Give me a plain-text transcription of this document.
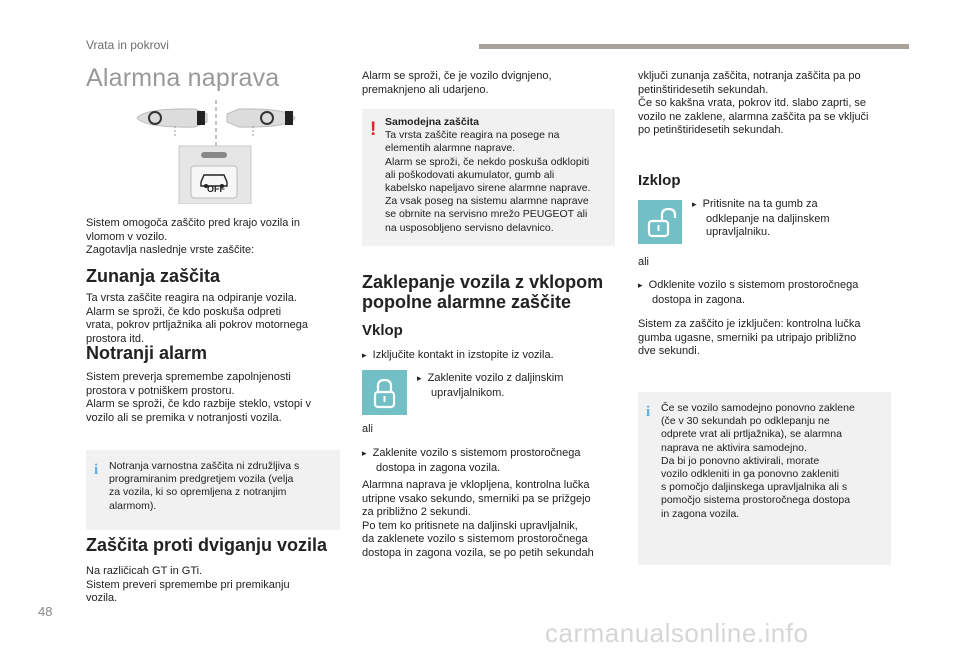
Vrata in pokrovi
Alarmna naprava
OFF
Sistem omogoča zaščito pred krajo vozila in
vlomom v vozilo.
Zagotavlja naslednje vrste zaščite:
Zunanja zaščita
Ta vrsta zaščite reagira na odpiranje vozila.
Alarm se sproži, če kdo poskuša odpreti
vrata, pokrov prtljažnika ali pokrov motornega
prostora itd.
Notranji alarm
Sistem preverja spremembe zapolnjenosti
prostora v potniškem prostoru.
Alarm se sproži, če kdo razbije steklo, vstopi v
vozilo ali se premika v notranjosti vozila.
i Notranja varnostna zaščita ni združljiva s
programiranim predgretjem vozila (velja
za vozila, ki so opremljena z notranjim
alarmom).
Zaščita proti dviganju vozila
Na različicah GT in GTi.
Sistem preveri spremembe pri premikanju
vozila.
Alarm se sproži, če je vozilo dvignjeno,
premaknjeno ali udarjeno.
! Samodejna zaščita
Ta vrsta zaščite reagira na posege na
elementih alarmne naprave.
Alarm se sproži, če nekdo poskuša odklopiti
ali poškodovati akumulator, gumb ali
kabelsko napeljavo sirene alarmne naprave.
Za vsak poseg na sistemu alarmne naprave
se obrnite na servisno mrežo PEUGEOT ali
na usposobljeno servisno delavnico.
Zaklepanje vozila z vklopom
popolne alarmne zaščite
Vklop
▸ Izključite kontakt in izstopite iz vozila.
▸ Zaklenite vozilo z daljinskim
upravljalnikom.
ali
▸ Zaklenite vozilo s sistemom prostoročnega
dostopa in zagona vozila.
Alarmna naprava je vklopljena, kontrolna lučka
utripne vsako sekundo, smerniki pa se prižgejo
za približno 2 sekundi.
Po tem ko pritisnete na daljinski upravljalnik,
da zaklenete vozilo s sistemom prostoročnega
dostopa in zagona vozila, se po petih sekundah
vključi zunanja zaščita, notranja zaščita pa po
petinštiridesetih sekundah.
Če so kakšna vrata, pokrov itd. slabo zaprti, se
vozilo ne zaklene, alarmna zaščita pa se vključi
po petinštiridesetih sekundah.
Izklop
▸ Pritisnite na ta gumb za
odklepanje na daljinskem
upravljalniku.
ali
▸ Odklenite vozilo s sistemom prostoročnega
dostopa in zagona.
Sistem za zaščito je izključen: kontrolna lučka
gumba ugasne, smerniki pa utripajo približno
dve sekundi.
i Če se vozilo samodejno ponovno zaklene
(če v 30 sekundah po odklepanju ne
odprete vrat ali prtljažnika), se alarmna
naprava ne aktivira samodejno.
Da bi jo ponovno aktivirali, morate
vozilo odkleniti in ga ponovno zakleniti
s pomočjo daljinskega upravljalnika ali s
pomočjo sistema prostoročnega dostopa
in zagona vozila.
48
carmanualsonline.info
